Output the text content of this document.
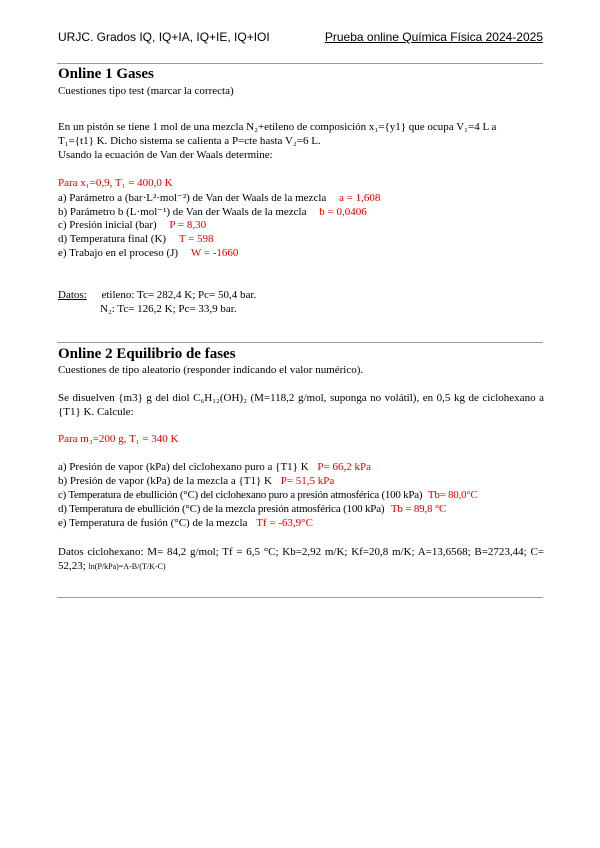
URJC. Grados IQ, IQ+IA, IQ+IE, IQ+IOI	Prueba online Química Física 2024-2025
Online 1 Gases
Cuestiones tipo test (marcar la correcta)
En un pistón se tiene 1 mol de una mezcla N₂+etileno de composición x₁={y1} que ocupa V₁=4 L a
T₁={t1} K. Dicho sistema se calienta a P=cte hasta V₂=6 L.
Usando la ecuación de Van der Waals determine:
Para x₁=0,9, T₁ = 400,0 K
a) Parámetro a (bar·L²·mol⁻²) de Van der Waals de la mezcla a = 1,608
b) Parámetro b (L·mol⁻¹) de Van der Waals de la mezcla b = 0,0406
c) Presión inicial (bar) P = 8,30
d) Temperatura final (K) T = 598
e) Trabajo en el proceso (J) W = -1660
Datos: etileno: Tc= 282,4 K; Pc= 50,4 bar.
N₂: Tc= 126,2 K; Pc= 33,9 bar.
Online 2 Equilibrio de fases
Cuestiones de tipo aleatorio (responder indicando el valor numérico).
Se disuelven {m3} g del diol C₆H₁₂(OH)₂ (M=118,2 g/mol, suponga no volátil), en 0,5 kg de ciclohexano a {T1} K. Calcule:
Para m₃=200 g, T₁ = 340 K
a) Presión de vapor (kPa) del ciclohexano puro a {T1} K P= 66,2 kPa
b) Presión de vapor (kPa) de la mezcla a {T1} K P= 51,5 kPa
c) Temperatura de ebullición (°C) del ciclohexano puro a presión atmosférica (100 kPa) Tb= 80,0°C
d) Temperatura de ebullición (°C) de la mezcla presión atmosférica (100 kPa) Tb = 89,8 °C
e) Temperatura de fusión (°C) de la mezcla Tf = -63,9°C
Datos ciclohexano: M= 84,2 g/mol; Tf = 6,5 °C; Kb=2,92 m/K; Kf=20,8 m/K; A=13,6568; B=2723,44; C= 52,23; ln(P/kPa)=A-B/(T/K-C)
